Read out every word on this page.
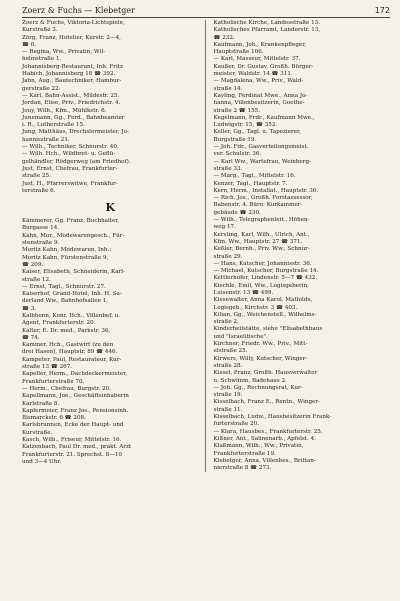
Zoerz & Fuchs — Klebetger	172

Zoerz & Fuchs, Viktoria-Lichtspiele,
Kurstraße 3.

Zörg, Franz, Hotelier, Kurstr. 2—4,
☎ 6.

— Regina, Ww., Privatin, Wil-
helmstraße 1.

Johannisberg-Restaurant, Inh. Fritz
Habich, Johannisberg 18 ☎ 392.

Jahn, Aug., Bautechniker, Hambur-
gerstraße 22.

— Karl, Bahn-Assist., Mildestr. 25.

Jordan, Elise, Priv., Friedrichstr. 4.

Jouy, Wilh., Kfm., Mühlkstr. 6.

Junemann, Gg., Ferd., Bahnbeamter
i. R., Lutherstraße 15.

Jung, Matthäus, Drechslermeister, Jo-
hannisstraße 21.

— Wilh., Techniker, Schnurstr. 40.

— Wilh. Hch., Wildbret- u. Geflü-
gelhändler, Rödgerweg (am Friedhof).

Just, Ernst, Chefrau, Frankfurter-
straße 25.

Just, H., Pfarrerswitwe, Frankfur-
terstraße 6.

K

Kämmerer, Gg. Franz, Buchhalter,
Burgasse 14.

Kahn, Mor., Modewarengesch., Für-
stenstraße 9.

Moritz Kahn, Modewaren, Inh.:
Moritz Kahn, Fürstenstraße 9,
☎ 209.

Kaiser, Elisabeth, Schneiderin, Karl-
straße 12.

— Ernst, Tagl., Schnurstr. 27.

Kaiserhof, Grand-Hotel, Inh. H. Sa-
derland Ww., Bahnhofsallee 1,
☎ 3.

Kalbhenn, Konr. Hch., Villenbef. u.
Agent, Frankfurterstr. 20.

Kalter, E. Dr. med., Parkstr. 36,
☎ 74.

Kammer, Hch., Gastwirt (zu den
drei Hasen), Hauptstr. 89 ☎ 446.

Kampeter, Paul, Restaurateur, Kur-
straße 13 ☎ 267.

Kapeller, Herm., Dachdeckermeister,
Frankfurterstraße 70.

— Herm., Chefrau, Burgstr. 20.

Kapellmann, Joe., Geschäftsinhaberin
Karlstraße 8.

Kapfermeier, Franz Jos., Pensionsinh.
Bismarckstr. 6 ☎ 208.

Karlsbrunnen, Ecke der Haupt- und
Kurstraße.

Kasch, Wilh., Friseur, Mittelstr. 16.

Katzenbach, Paul Dr. med., prakt. Arzt
Frankfurterstr. 21. Sprechst. 8—10
und 3—4 Uhr.

Katholische Kirche, Landesstraße 13.

Katholisches Pfarramt, Landerstr. 13,
☎ 232.

Kaufmann, Joh., Krankenpfleger,
Hauptstraße 106.

— Karl, Masseur, Mittelstr. 37.

Kaußer, Dr. Gustav, Großh. Bürger-
meister, Waldstr. 14 ☎ 311.

— Magdalena, Ww., Priv., Wald-
straße 14.

Kayling, Ferdinat Mwe., Anna Jo-
hanna, Villenbesitzerin, Goethe-
straße 2 ☎ 155.

Kegelmann, Frdr., Kaufmann Mwe.,
Ludwigstr. 15, ☎ 352.

Keller, Gg., Tagl. u. Tapezierer,
Burgstraße 19.

— Joh. Fdr., Gasverteilungsmeist.
ver. Schulstr. 36.

— Karl Ww., Wartefrau, Weinberg-
straße 33.

— Marg., Tagl., Mittelstr. 16.

Kenzer, Tagl., Hauptstr. 7.

Kern, Herm., Installat., Hauptstr. 36.

— Rich. Jos., Großh. Forstassessor,
Babenstr. 4. Büro: Kurkammer-
gebäude ☎ 230.

— Wilh., Telegraphenleit., Höhen-
weg 17.

Kersting, Karl, Wilh., Ulrich, Ant.,
Kfm. Ww., Hauptstr. 27 ☎ 371.

Keßler, Bernh., Priv. Ww., Schnur-
straße 29.

— Hans, Kutscher, Johannisstr. 36.

— Michael, Kutscher, Burgstraße 14.

Kettlerhofer, Lindenstr. 5—7 ☎ 432.

Kiechle, Emil, Ww., Logisgeberin,
Luisenstr. 13 ☎ 499.

Kiesewalter, Anna Karol. Mathilde,
Logisgeb., Kirchstr. 3 ☎ 403.

Kilian, Gg., Weichenstell., Wilhelms-
straße 2.

Kinderheilstätte, siehe "Elisabethhaus
und "Israelitische".

Kirchner, Friedr. Ww., Priv., Mitt-
elstraße 25.

Kirwers, Willy, Kutscher, Winger-
straße 28.

Kissel, Franz, Großh. Hausverwalter
u. Schwimm, Badehaus 2.

— Joh. Gg., Rechnungsrat, Kur-
straße 19.

Kisselbach, Franz E., Rentn., Winger-
straße 11.

Kisselbach, Ludw., Hausbesitzerin Frank-
furterstraße 20.

— Klara, Hausbes., Frankfurterstr. 25.

Kißner, Ant., Salinenarb., Apfelst. 4.

Klaßmann, Wilh., Ww., Privatin,
Frankfurterstraße 19.

Klebetger, Anna, Villenbes., Brittan-
nierstraße 8 ☎ 273.
